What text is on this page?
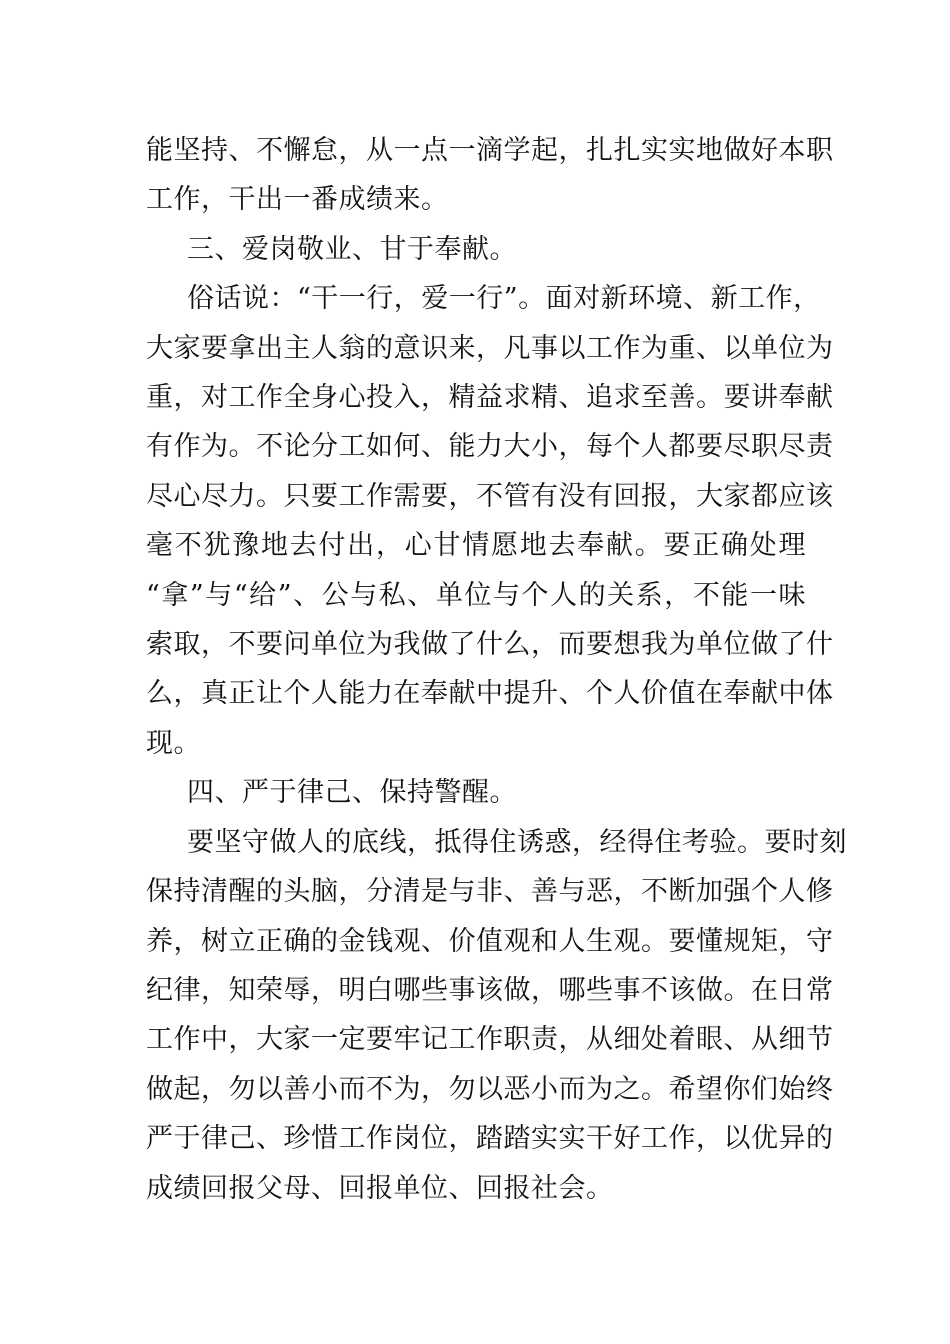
能坚持、不懈怠，从一点一滴学起，扎扎实实地做好本职
工作，干出一番成绩来。
三、爱岗敬业、甘于奉献。
俗话说：“干一行，爱一行”。面对新环境、新工作，
大家要拿出主人翁的意识来，凡事以工作为重、以单位为
重，对工作全身心投入，精益求精、追求至善。要讲奉献
有作为。不论分工如何、能力大小，每个人都要尽职尽责
尽心尽力。只要工作需要，不管有没有回报，大家都应该
毫不犹豫地去付出，心甘情愿地去奉献。要正确处理
“拿”与“给”、公与私、单位与个人的关系，不能一味
索取，不要问单位为我做了什么，而要想我为单位做了什
么，真正让个人能力在奉献中提升、个人价值在奉献中体
现。
四、严于律己、保持警醒。
要坚守做人的底线，抵得住诱惑，经得住考验。要时刻
保持清醒的头脑，分清是与非、善与恶，不断加强个人修
养，树立正确的金钱观、价值观和人生观。要懂规矩，守
纪律，知荣辱，明白哪些事该做，哪些事不该做。在日常
工作中，大家一定要牢记工作职责，从细处着眼、从细节
做起，勿以善小而不为，勿以恶小而为之。希望你们始终
严于律己、珍惜工作岗位，踏踏实实干好工作，以优异的
成绩回报父母、回报单位、回报社会。
